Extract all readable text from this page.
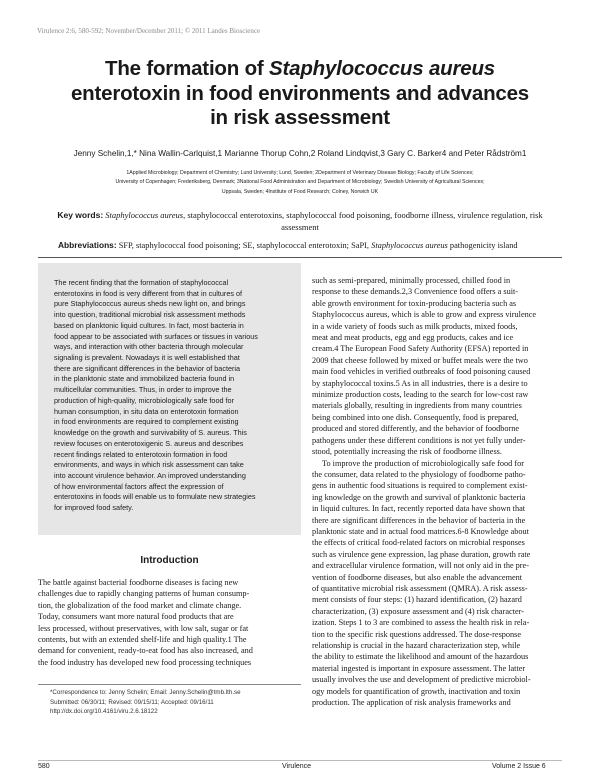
Virulence 2:6, 580-592; November/December 2011; © 2011 Landes Bioscience
The formation of Staphylococcus aureus
enterotoxin in food environments and advances
in risk assessment
Jenny Schelin,1,* Nina Wallin-Carlquist,1 Marianne Thorup Cohn,2 Roland Lindqvist,3 Gary C. Barker4 and Peter Rådström1
1Applied Microbiology; Department of Chemistry; Lund University; Lund, Sweden; 2Department of Veterinary Disease Biology; Faculty of Life Sciences;
University of Copenhagen; Frederiksberg, Denmark; 3National Food Administration and Department of Microbiology; Swedish University of Agricultural Sciences;
Uppsala, Sweden; 4Institute of Food Research; Colney, Norwich UK
Key words: Staphylococcus aureus, staphylococcal enterotoxins, staphylococcal food poisoning, foodborne illness, virulence regulation, risk assessment
Abbreviations: SFP, staphylococcal food poisoning; SE, staphylococcal enterotoxin; SaPI, Staphylococcus aureus pathogenicity island
The recent finding that the formation of staphylococcal
enterotoxins in food is very different from that in cultures of
pure Staphylococcus aureus sheds new light on, and brings
into question, traditional microbial risk assessment methods
based on planktonic liquid cultures. In fact, most bacteria in
food appear to be associated with surfaces or tissues in various
ways, and interaction with other bacteria through molecular
signaling is prevalent. Nowadays it is well established that
there are significant differences in the behavior of bacteria
in the planktonic state and immobilized bacteria found in
multicellular communities. Thus, in order to improve the
production of high-quality, microbiologically safe food for
human consumption, in situ data on enterotoxin formation
in food environments are required to complement existing
knowledge on the growth and survivability of S. aureus. This
review focuses on enterotoxigenic S. aureus and describes
recent findings related to enterotoxin formation in food
environments, and ways in which risk assessment can take
into account virulence behavior. An improved understanding
of how environmental factors affect the expression of
enterotoxins in foods will enable us to formulate new strategies
for improved food safety.
Introduction
The battle against bacterial foodborne diseases is facing new
challenges due to rapidly changing patterns of human consump-
tion, the globalization of the food market and climate change.
Today, consumers want more natural food products that are
less processed, without preservatives, with low salt, sugar or fat
contents, but with an extended shelf-life and high quality.1 The
demand for convenient, ready-to-eat food has also increased, and
the food industry has developed new food processing techniques
*Correspondence to: Jenny Schelin; Email: Jenny.Schelin@tmb.lth.se
Submitted: 06/30/11; Revised: 09/15/11; Accepted: 09/16/11
http://dx.doi.org/10.4161/viru.2.6.18122

such as semi-prepared, minimally processed, chilled food in

response to these demands.2,3 Convenience food offers a suit-

able growth environment for toxin-producing bacteria such as

Staphylococcus aureus, which is able to grow and express virulence

in a wide variety of foods such as milk products, mixed foods,

meat and meat products, egg and egg products, cakes and ice

cream.4 The European Food Safety Authority (EFSA) reported in

2009 that cheese followed by mixed or buffet meals were the two

main food vehicles in verified outbreaks of food poisoning caused

by staphylococcal toxins.5 As in all industries, there is a desire to

minimize production costs, leading to the search for low-cost raw

materials globally, resulting in ingredients from many countries

being combined into one dish. Consequently, food is prepared,

produced and stored differently, and the behavior of foodborne

pathogens under these different conditions is not yet fully under-

stood, potentially increasing the risk of foodborne illness.

To improve the production of microbiologically safe food for

the consumer, data related to the physiology of foodborne patho-

gens in authentic food situations is required to complement exist-

ing knowledge on the growth and survival of planktonic bacteria

in liquid cultures. In fact, recently reported data have shown that

there are significant differences in the behavior of bacteria in the

planktonic state and in actual food matrices.6-8 Knowledge about

the effects of critical food-related factors on microbial responses

such as virulence gene expression, lag phase duration, growth rate

and extracellular virulence formation, will not only aid in the pre-

vention of foodborne diseases, but also enable the advancement

of quantitative microbial risk assessment (QMRA). A risk assess-

ment consists of four steps: (1) hazard identification, (2) hazard

characterization, (3) exposure assessment and (4) risk character-

ization. Steps 1 to 3 are combined to assess the health risk in rela-

tion to the specific risk questions addressed. The dose-response

relationship is crucial in the hazard characterization step, while

the ability to estimate the likelihood and amount of the hazardous

material ingested is important in exposure assessment. The latter

usually involves the use and development of predictive microbiol-

ogy models for quantification of growth, inactivation and toxin

production. The application of risk analysis frameworks and

580	Virulence	Volume 2 Issue 6
